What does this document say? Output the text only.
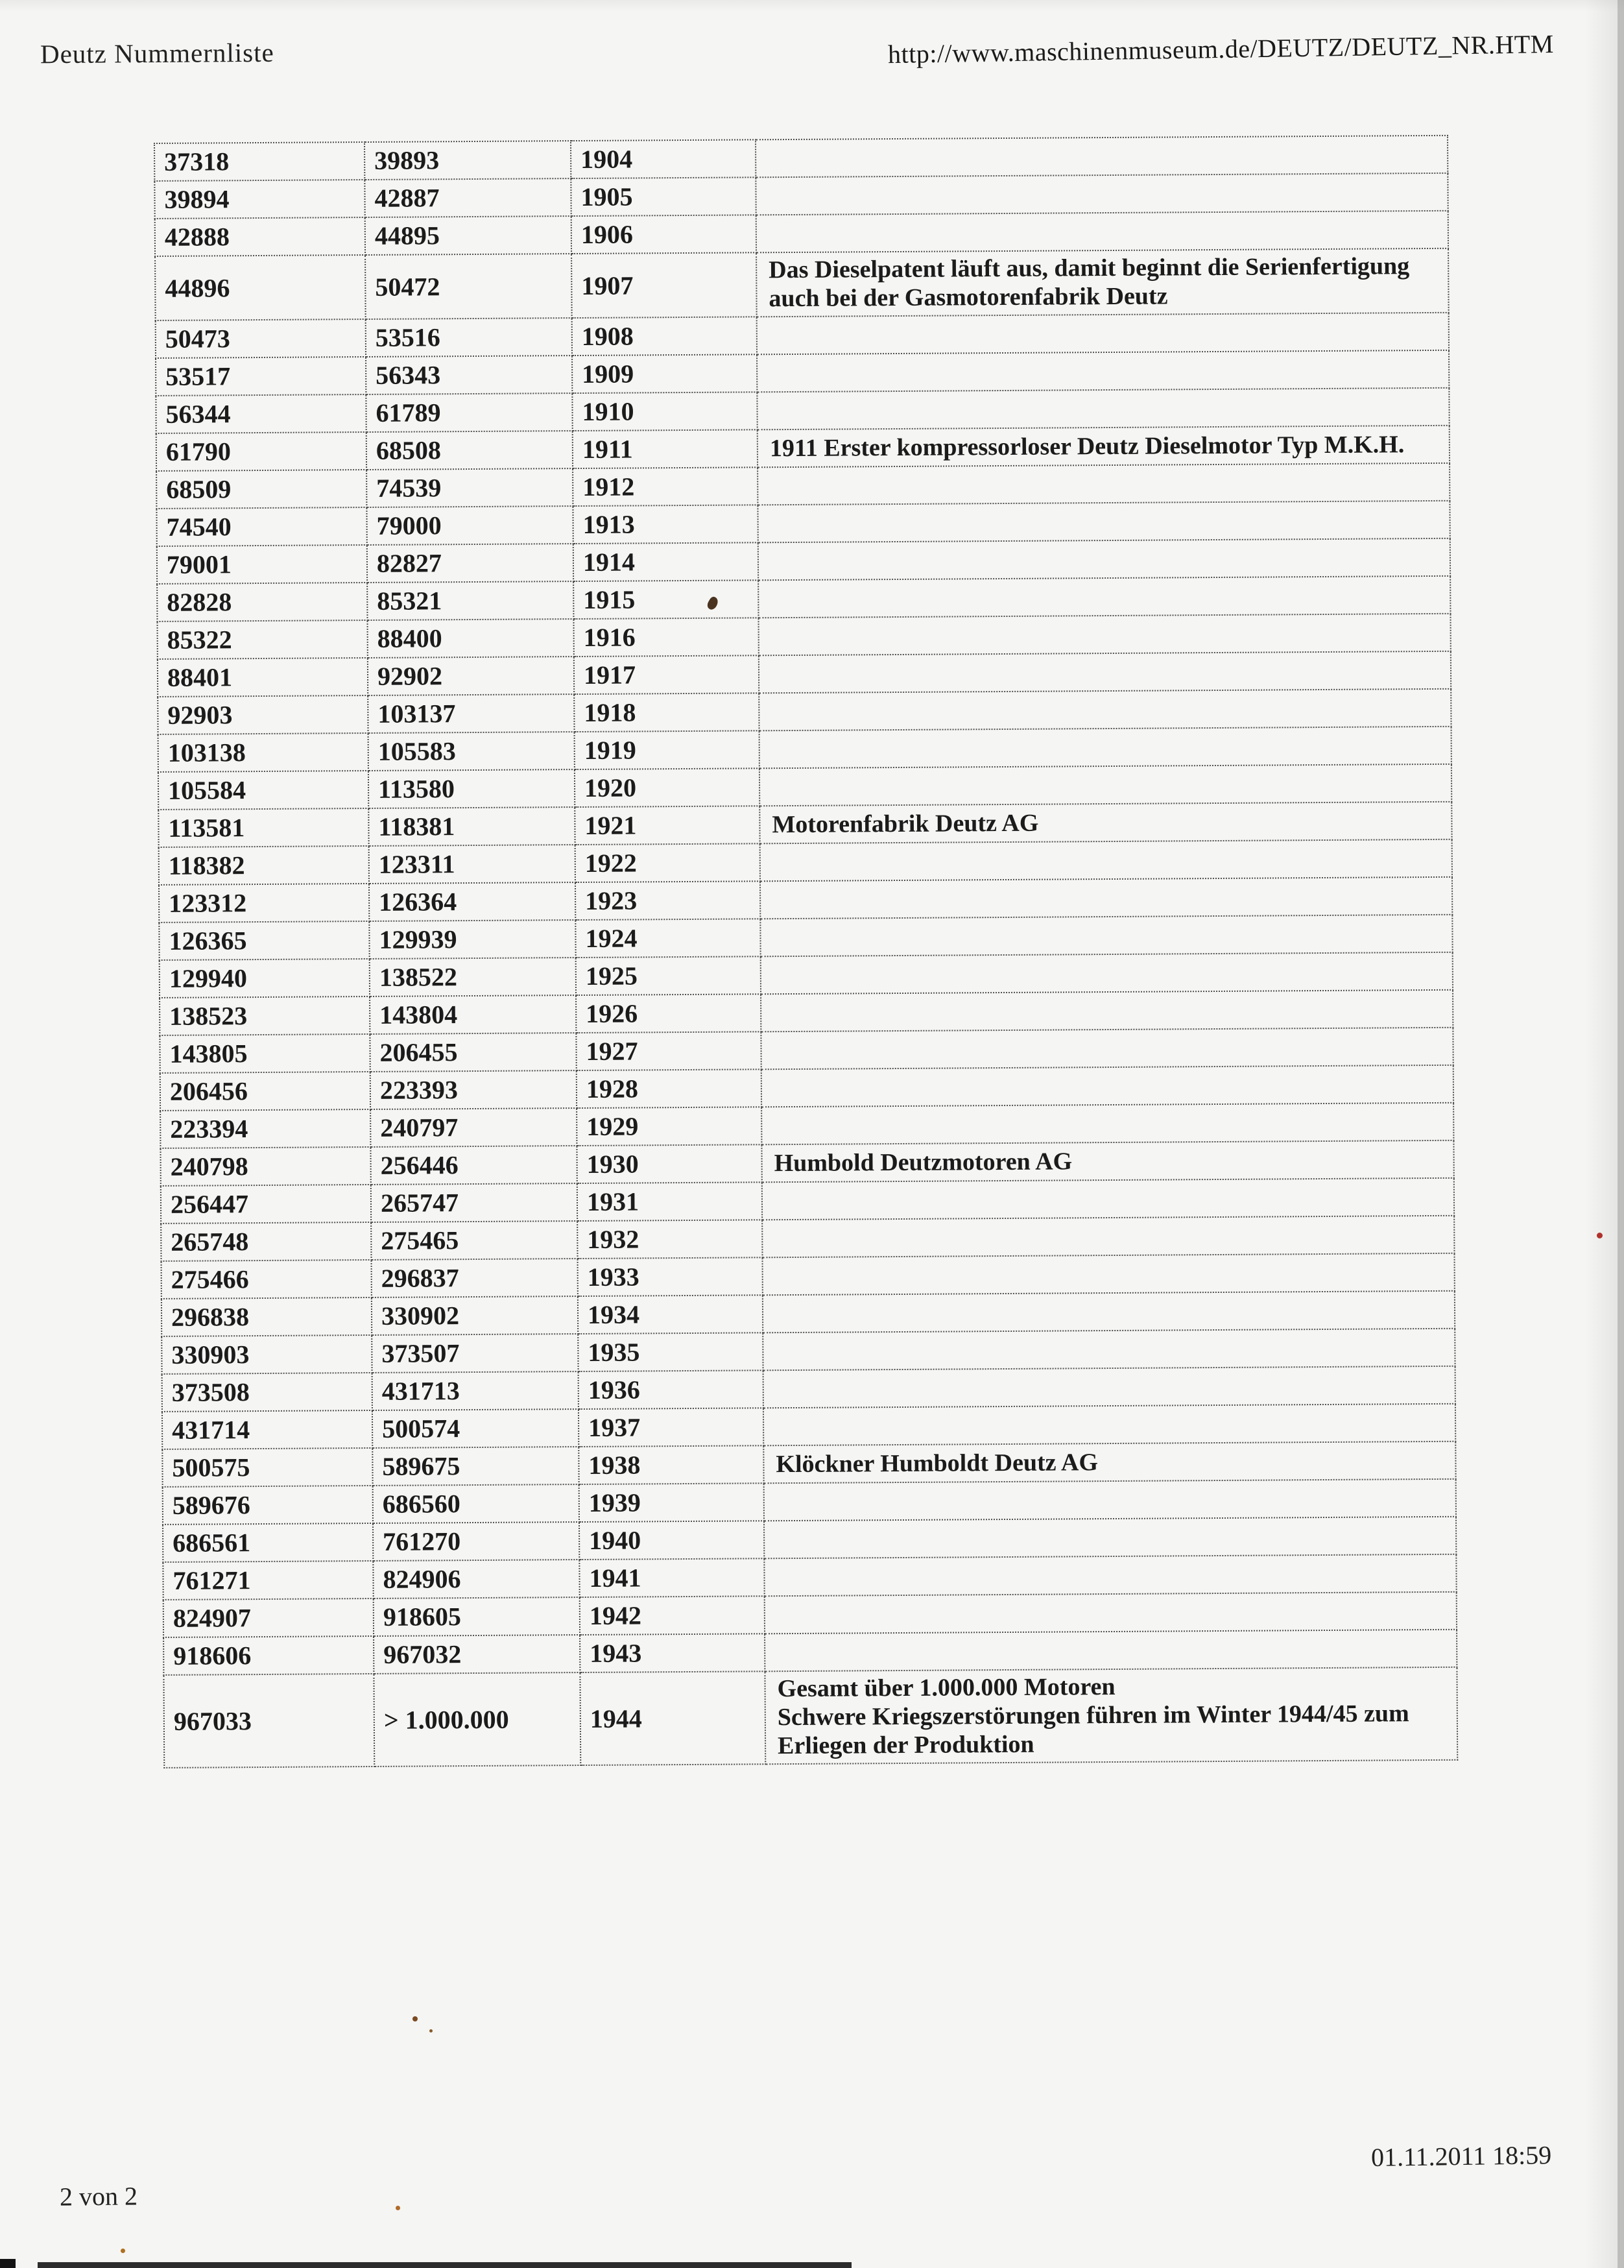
Deutz Nummernliste	http://www.maschinenmuseum.de/DEUTZ/DEUTZ_NR.HTM
37318	39893	1904	
39894	42887	1905	
42888	44895	1906	
44896	50472	1907	Das Dieselpatent läuft aus, damit beginnt die Serienfertigung
auch bei der Gasmotorenfabrik Deutz
50473	53516	1908	
53517	56343	1909	
56344	61789	1910	
61790	68508	1911	1911 Erster kompressorloser Deutz Dieselmotor Typ M.K.H.
68509	74539	1912	
74540	79000	1913	
79001	82827	1914	
82828	85321	1915	
85322	88400	1916	
88401	92902	1917	
92903	103137	1918	
103138	105583	1919	
105584	113580	1920	
113581	118381	1921	Motorenfabrik Deutz AG
118382	123311	1922	
123312	126364	1923	
126365	129939	1924	
129940	138522	1925	
138523	143804	1926	
143805	206455	1927	
206456	223393	1928	
223394	240797	1929	
240798	256446	1930	Humbold Deutzmotoren AG
256447	265747	1931	
265748	275465	1932	
275466	296837	1933	
296838	330902	1934	
330903	373507	1935	
373508	431713	1936	
431714	500574	1937	
500575	589675	1938	Klöckner Humboldt Deutz AG
589676	686560	1939	
686561	761270	1940	
761271	824906	1941	
824907	918605	1942	
918606	967032	1943	
967033	> 1.000.000	1944	Gesamt über 1.000.000 Motoren
Schwere Kriegszerstörungen führen im Winter 1944/45 zum
Erliegen der Produktion
2 von 2
01.11.2011 18:59
